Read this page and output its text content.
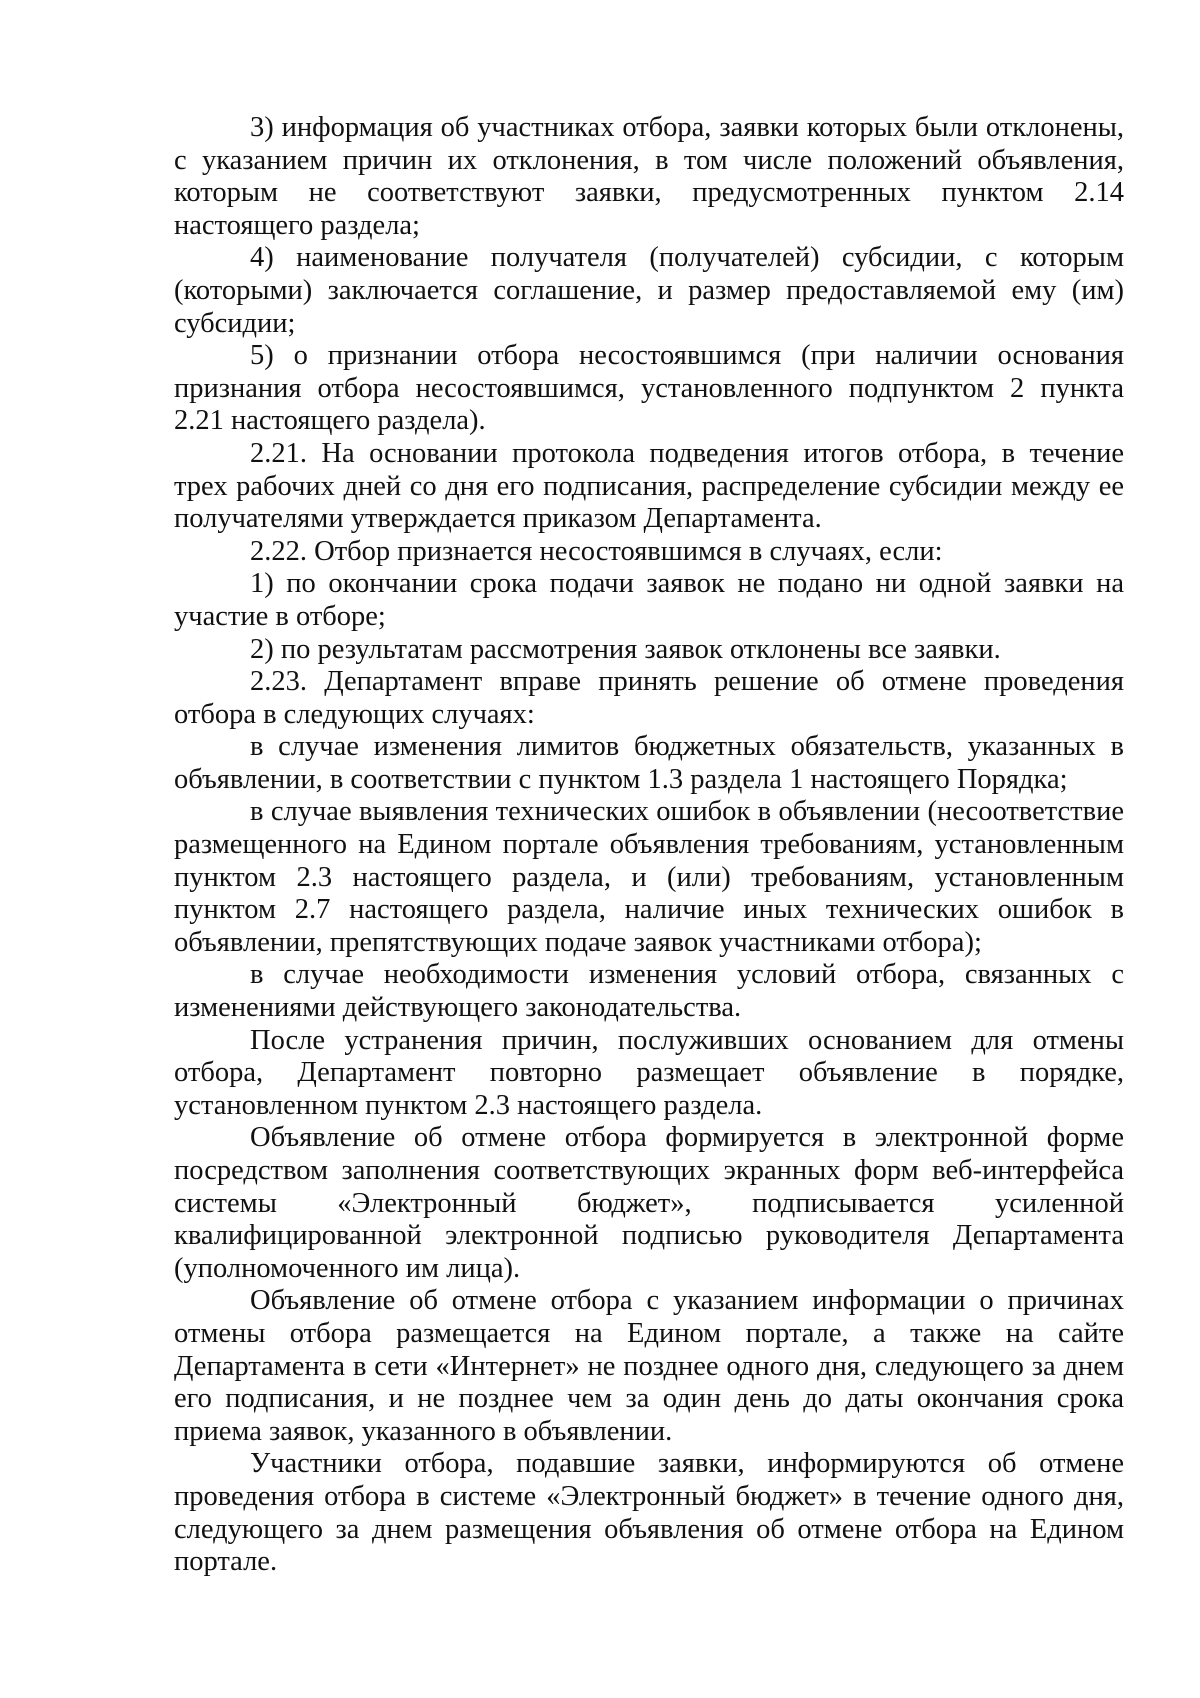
3) информация об участниках отбора, заявки которых были отклонены, с указанием причин их отклонения, в том числе положений объявления, которым не соответствуют заявки, предусмотренных пунктом 2.14 настоящего раздела;

4) наименование получателя (получателей) субсидии, с которым (которыми) заключается соглашение, и размер предоставляемой ему (им) субсидии;

5) о признании отбора несостоявшимся (при наличии основания признания отбора несостоявшимся, установленного подпунктом 2 пункта 2.21 настоящего раздела).

2.21. На основании протокола подведения итогов отбора, в течение трех рабочих дней со дня его подписания, распределение субсидии между ее получателями утверждается приказом Департамента.

2.22. Отбор признается несостоявшимся в случаях, если:

1) по окончании срока подачи заявок не подано ни одной заявки на участие в отборе;

2) по результатам рассмотрения заявок отклонены все заявки.

2.23. Департамент вправе принять решение об отмене проведения отбора в следующих случаях:

в случае изменения лимитов бюджетных обязательств, указанных в объявлении, в соответствии с пунктом 1.3 раздела 1 настоящего Порядка;

в случае выявления технических ошибок в объявлении (несоответствие размещенного на Едином портале объявления требованиям, установленным пунктом 2.3 настоящего раздела, и (или) требованиям, установленным пунктом 2.7 настоящего раздела, наличие иных технических ошибок в объявлении, препятствующих подаче заявок участниками отбора);

в случае необходимости изменения условий отбора, связанных с изменениями действующего законодательства.

После устранения причин, послуживших основанием для отмены отбора, Департамент повторно размещает объявление в порядке, установленном пунктом 2.3 настоящего раздела.

Объявление об отмене отбора формируется в электронной форме посредством заполнения соответствующих экранных форм веб-интерфейса системы «Электронный бюджет», подписывается усиленной квалифицированной электронной подписью руководителя Департамента (уполномоченного им лица).

Объявление об отмене отбора с указанием информации о причинах отмены отбора размещается на Едином портале, а также на сайте Департамента в сети «Интернет» не позднее одного дня, следующего за днем его подписания, и не позднее чем за один день до даты окончания срока приема заявок, указанного в объявлении.

Участники отбора, подавшие заявки, информируются об отмене проведения отбора в системе «Электронный бюджет» в течение одного дня, следующего за днем размещения объявления об отмене отбора на Едином портале.
